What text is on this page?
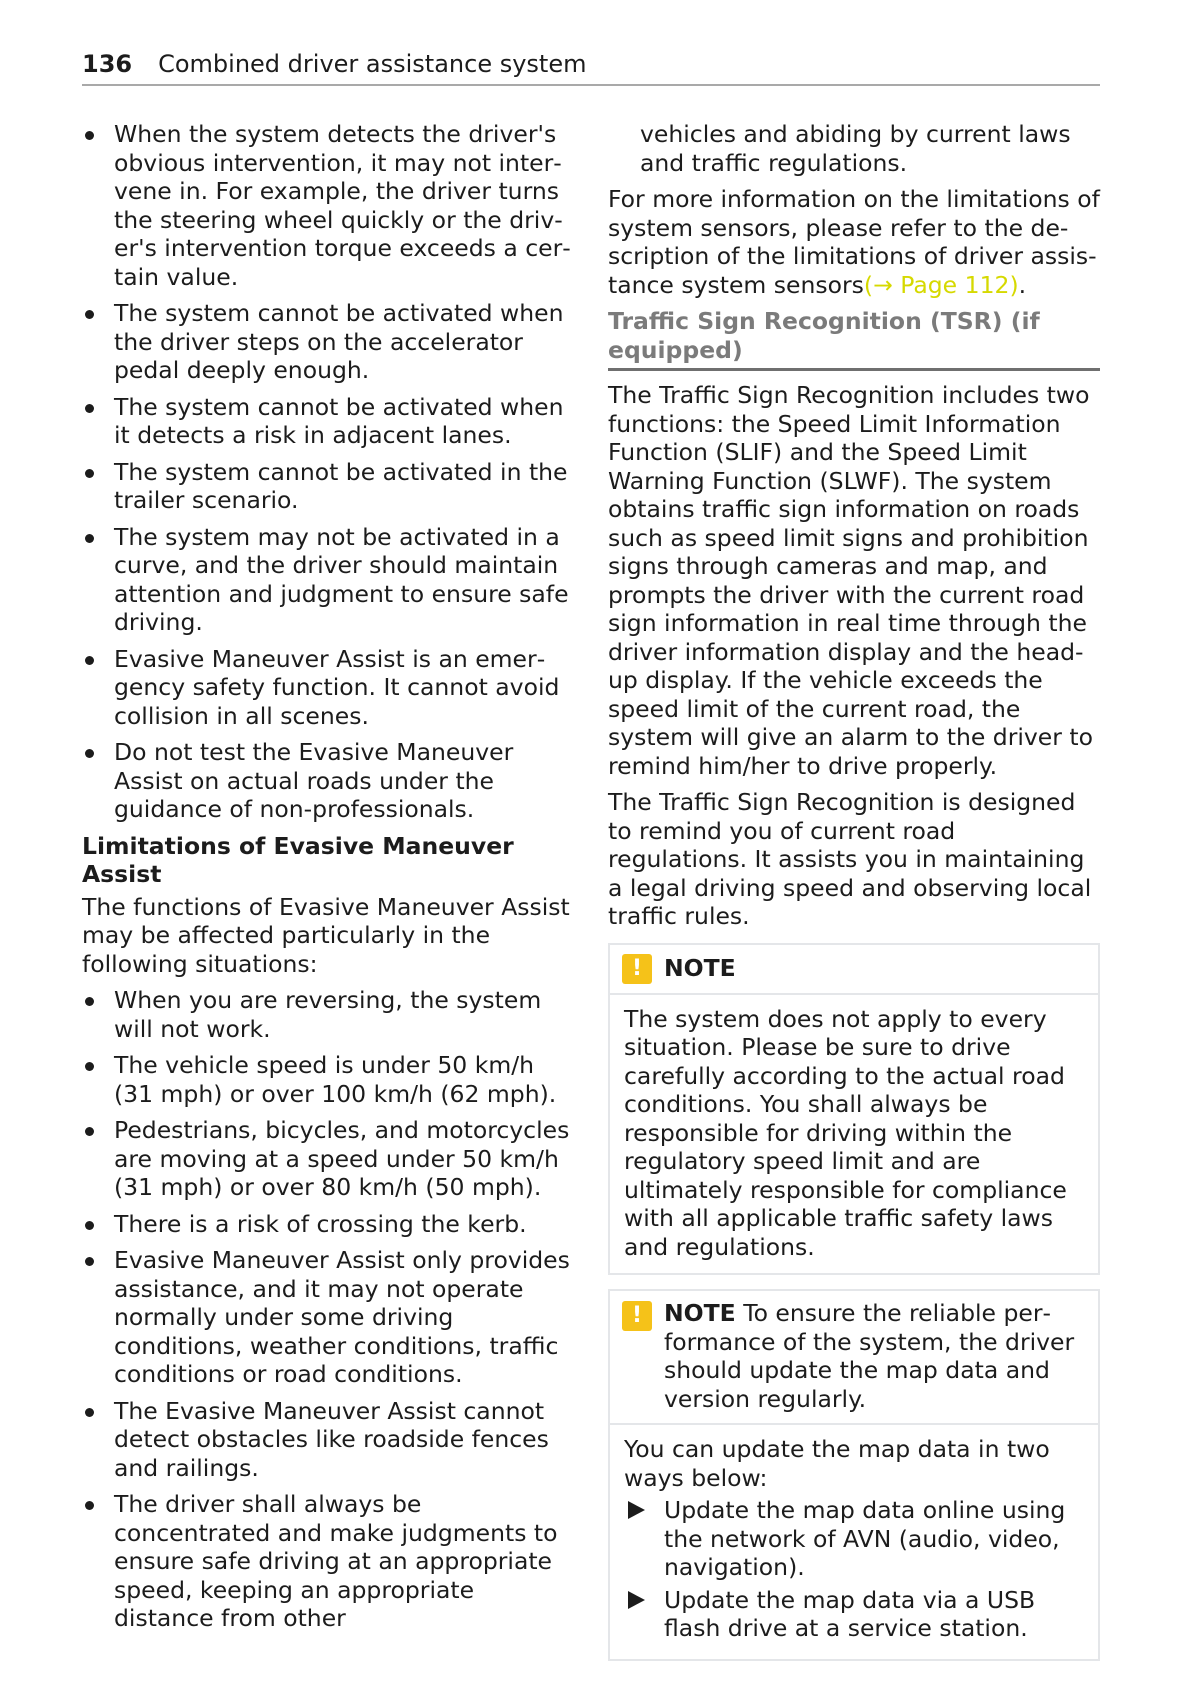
136 Combined driver assistance system
When the system detects the driver's obvious intervention, it may not intervene in. For example, the driver turns the steering wheel quickly or the driver's intervention torque exceeds a certain value.
The system cannot be activated when the driver steps on the accelerator pedal deeply enough.
The system cannot be activated when it detects a risk in adjacent lanes.
The system cannot be activated in the trailer scenario.
The system may not be activated in a curve, and the driver should maintain attention and judgment to ensure safe driving.
Evasive Maneuver Assist is an emergency safety function. It cannot avoid collision in all scenes.
Do not test the Evasive Maneuver Assist on actual roads under the guidance of non-professionals.
Limitations of Evasive Maneuver Assist

The functions of Evasive Maneuver Assist may be affected particularly in the following situations:

When you are reversing, the system will not work.
The vehicle speed is under 50 km/h (31 mph) or over 100 km/h (62 mph).
Pedestrians, bicycles, and motorcycles are moving at a speed under 50 km/h (31 mph) or over 80 km/h (50 mph).
There is a risk of crossing the kerb.
Evasive Maneuver Assist only provides assistance, and it may not operate normally under some driving conditions, weather conditions, traffic conditions or road conditions.
The Evasive Maneuver Assist cannot detect obstacles like roadside fences and railings.
The driver shall always be concentrated and make judgments to ensure safe driving at an appropriate speed, keeping an appropriate distance from other

vehicles and abiding by current laws and traffic regulations.

For more information on the limitations of system sensors, please refer to the description of the limitations of driver assistance system sensors(→ Page 112).

Traffic Sign Recognition (TSR) (if equipped)

The Traffic Sign Recognition includes two functions: the Speed Limit Information Function (SLIF) and the Speed Limit Warning Function (SLWF). The system obtains traffic sign information on roads such as speed limit signs and prohibition signs through cameras and map, and prompts the driver with the current road sign information in real time through the driver information display and the head-up display. If the vehicle exceeds the speed limit of the current road, the system will give an alarm to the driver to remind him/her to drive properly.

The Traffic Sign Recognition is designed to remind you of current road regulations. It assists you in maintaining a legal driving speed and observing local traffic rules.

! NOTE
The system does not apply to every situation. Please be sure to drive carefully according to the actual road conditions. You shall always be responsible for driving within the regulatory speed limit and are ultimately responsible for compliance with all applicable traffic safety laws and regulations.
! NOTE To ensure the reliable performance of the system, the driver should update the map data and version regularly.
You can update the map data in two ways below:
Update the map data online using the network of AVN (audio, video, navigation).
Update the map data via a USB flash drive at a service station.
